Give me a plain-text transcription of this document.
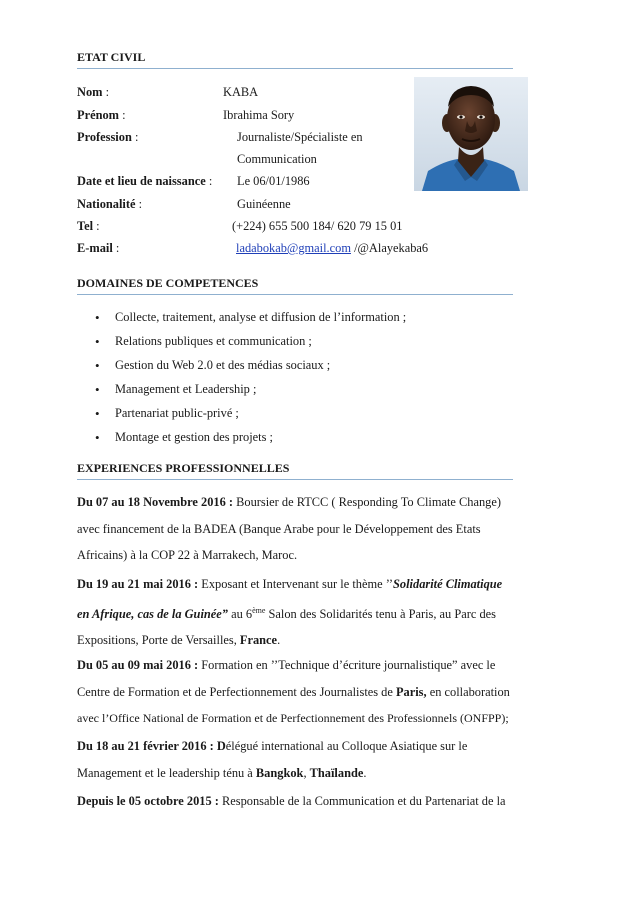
ETAT CIVIL
Nom :	KABA
Prénom :	Ibrahima Sory
Profession :	Journaliste/Spécialiste en
Communication
Date et lieu de naissance : Le 06/01/1986
Nationalité :	Guinéenne
Tel :	(+224) 655 500 184/ 620 79 15 01
E-mail :	ladabokab@gmail.com /@Alayekaba6
DOMAINES DE COMPETENCES
• Collecte, traitement, analyse et diffusion de l’information ;
• Relations publiques et communication ;
• Gestion du Web 2.0 et des médias sociaux ;
• Management et Leadership ;
• Partenariat public-privé ;
• Montage et gestion des projets ;
EXPERIENCES PROFESSIONNELLES
Du 07 au 18 Novembre 2016 : Boursier de RTCC ( Responding To Climate Change)
avec financement de la BADEA (Banque Arabe pour le Développement des Etats
Africains) à la COP 22 à Marrakech, Maroc.
Du 19 au 21 mai 2016 : Exposant et Intervenant sur le thème ’’Solidarité Climatique
en Afrique, cas de la Guinée” au 6ème Salon des Solidarités tenu à Paris, au Parc des
Expositions, Porte de Versailles, France.
Du 05 au 09 mai 2016 : Formation en ’’Technique d’écriture journalistique” avec le
Centre de Formation et de Perfectionnement des Journalistes de Paris, en collaboration
avec l’Office National de Formation et de Perfectionnement des Professionnels (ONFPP);
Du 18 au 21 février 2016 : Délégué international au Colloque Asiatique sur le
Management et le leadership ténu à Bangkok, Thaïlande.
Depuis le 05 octobre 2015 : Responsable de la Communication et du Partenariat de la
